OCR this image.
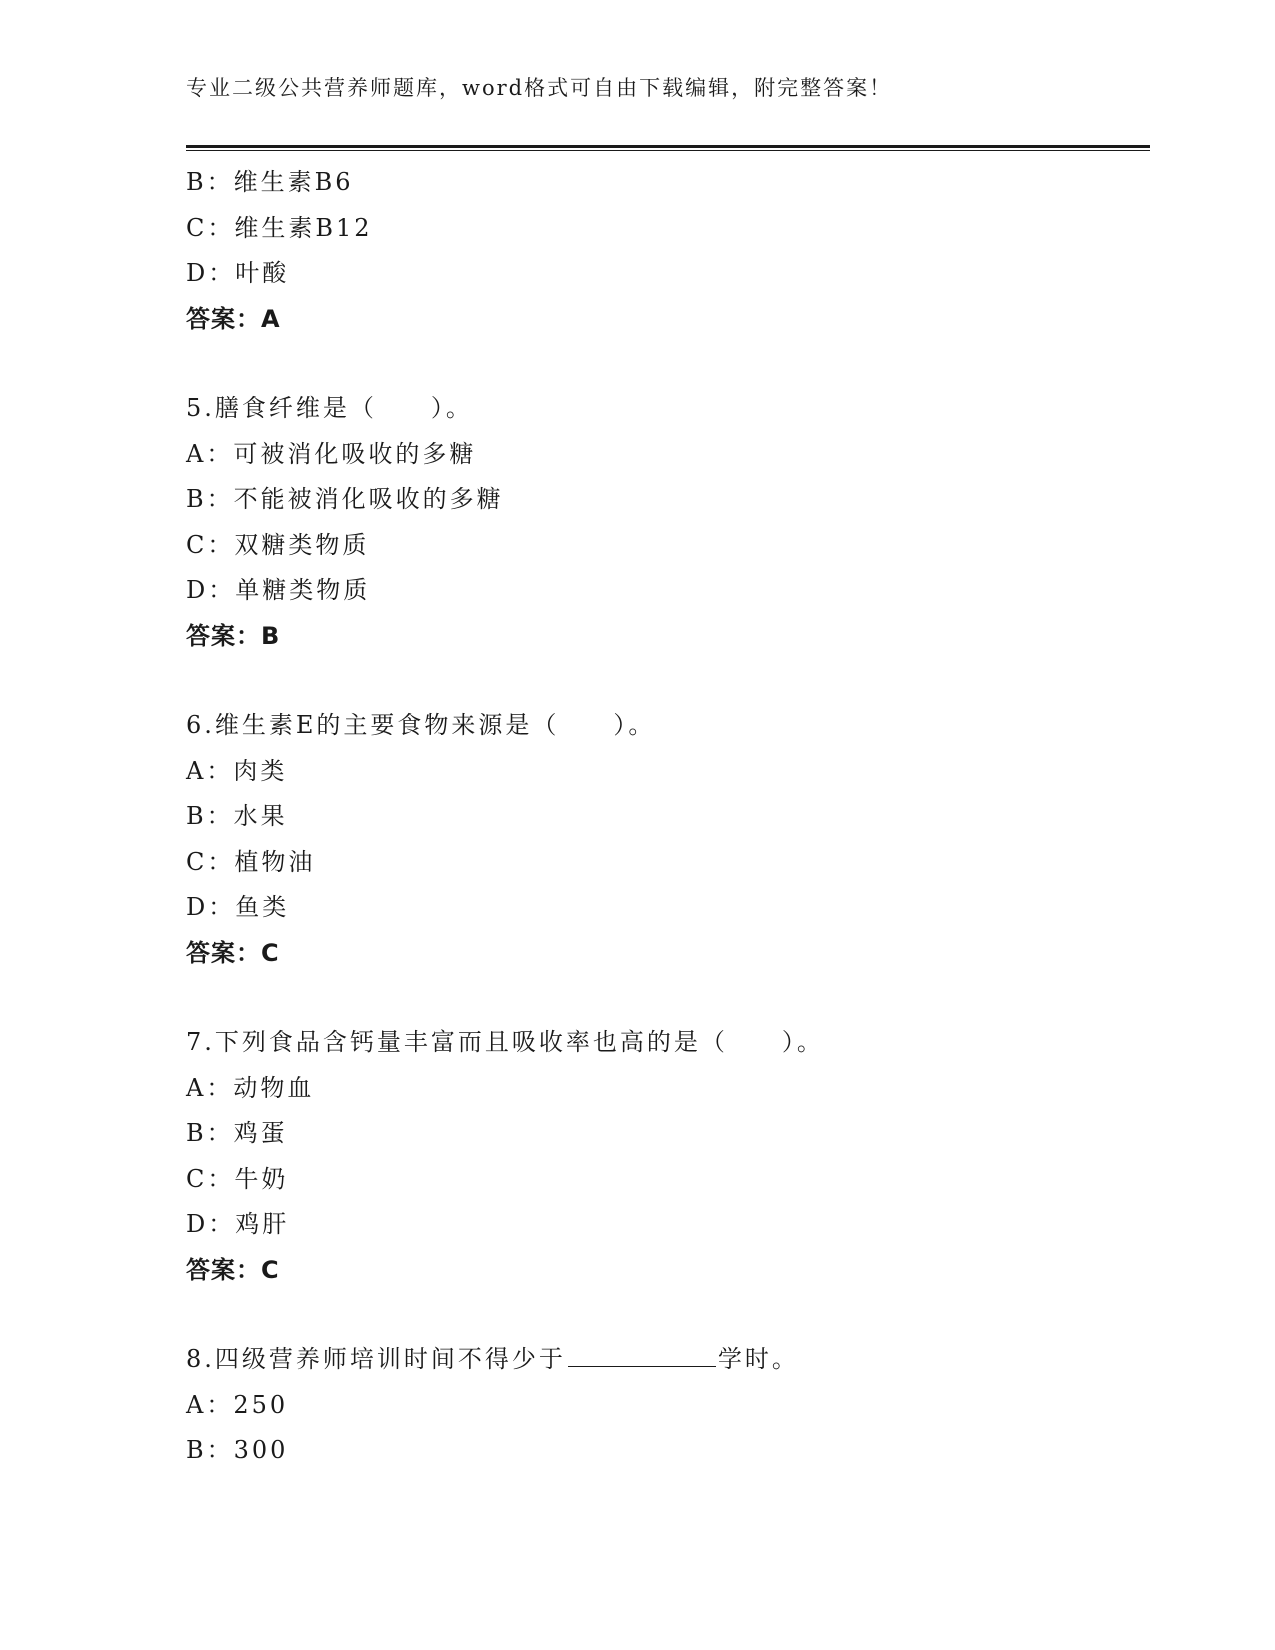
专业二级公共营养师题库，word格式可自由下载编辑，附完整答案！
B：维生素B6
C：维生素B12
D：叶酸
答案：A
5.膳食纤维是（　　）。
A：可被消化吸收的多糖
B：不能被消化吸收的多糖
C：双糖类物质
D：单糖类物质
答案：B
6.维生素E的主要食物来源是（　　）。
A：肉类
B：水果
C：植物油
D：鱼类
答案：C
7.下列食品含钙量丰富而且吸收率也高的是（　　）。
A：动物血
B：鸡蛋
C：牛奶
D：鸡肝
答案：C
8.四级营养师培训时间不得少于	学时。
A：250
B：300
